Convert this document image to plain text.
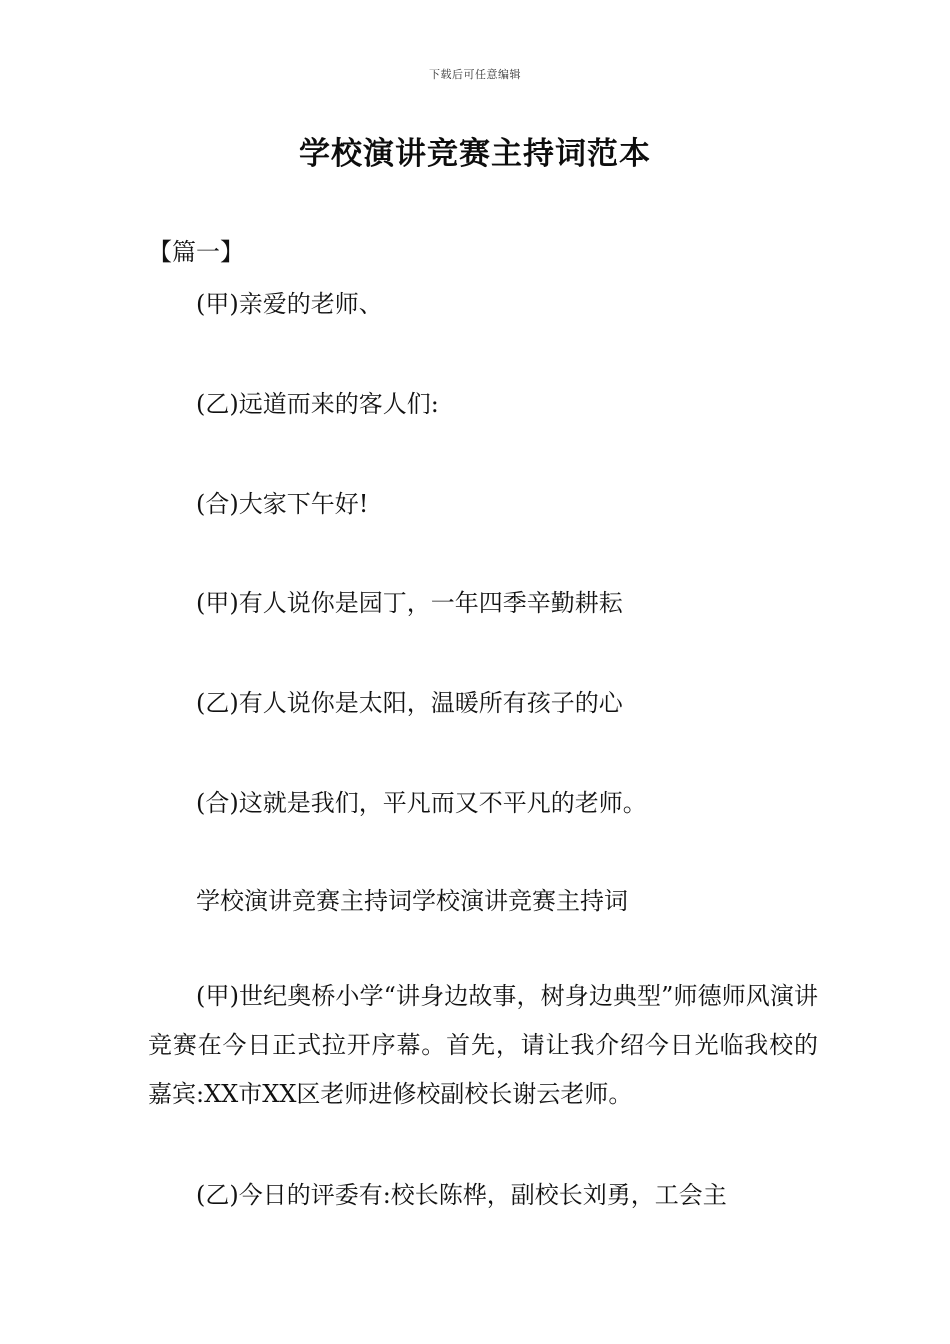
下载后可任意编辑
学校演讲竞赛主持词范本
【篇一】
(甲)亲爱的老师、
(乙)远道而来的客人们:
(合)大家下午好!
(甲)有人说你是园丁，一年四季辛勤耕耘
(乙)有人说你是太阳，温暖所有孩子的心
(合)这就是我们，平凡而又不平凡的老师。
学校演讲竞赛主持词学校演讲竞赛主持词
(甲)世纪奥桥小学“讲身边故事，树身边典型”师德师风演讲竞赛在今日正式拉开序幕。首先，请让我介绍今日光临我校的嘉宾:XX市XX区老师进修校副校长谢云老师。
(乙)今日的评委有:校长陈桦，副校长刘勇，工会主
